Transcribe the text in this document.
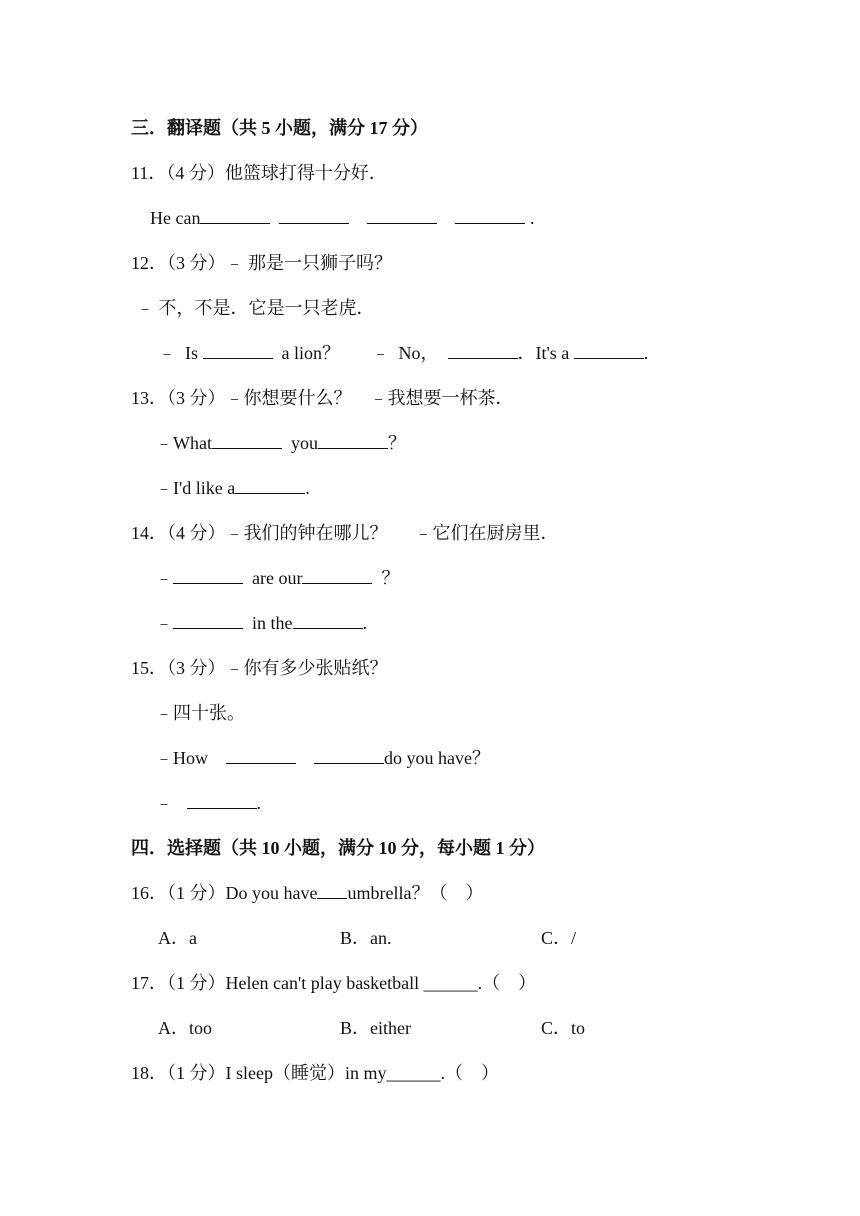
三．翻译题（共 5 小题，满分 17 分）
11．（4 分）他篮球打得十分好．
He can	.
12．（3 分）﹣ 那是一只狮子吗？
﹣ 不，不是．它是一只老虎．
﹣ Is	a lion？ ﹣ No，	．It's a	.
13．（3 分）﹣你想要什么？    ﹣我想要一杯茶．
﹣What	you	？
﹣I'd like a	.
14．（4 分）﹣我们的钟在哪儿？      ﹣它们在厨房里．
﹣	are our	？
﹣	in the	.
15．（3 分）﹣你有多少张贴纸？
﹣四十张。
﹣How	do you have？
﹣	.
四．选择题（共 10 小题，满分 10 分，每小题 1 分）
16．（1 分）Do you have umbrella？（    ）
A．a	B．an.	C．/
17．（1 分）Helen can't play basketball ______.（    ）
A．too	B．either	C．to
18．（1 分）I sleep（睡觉）in my______.（    ）
